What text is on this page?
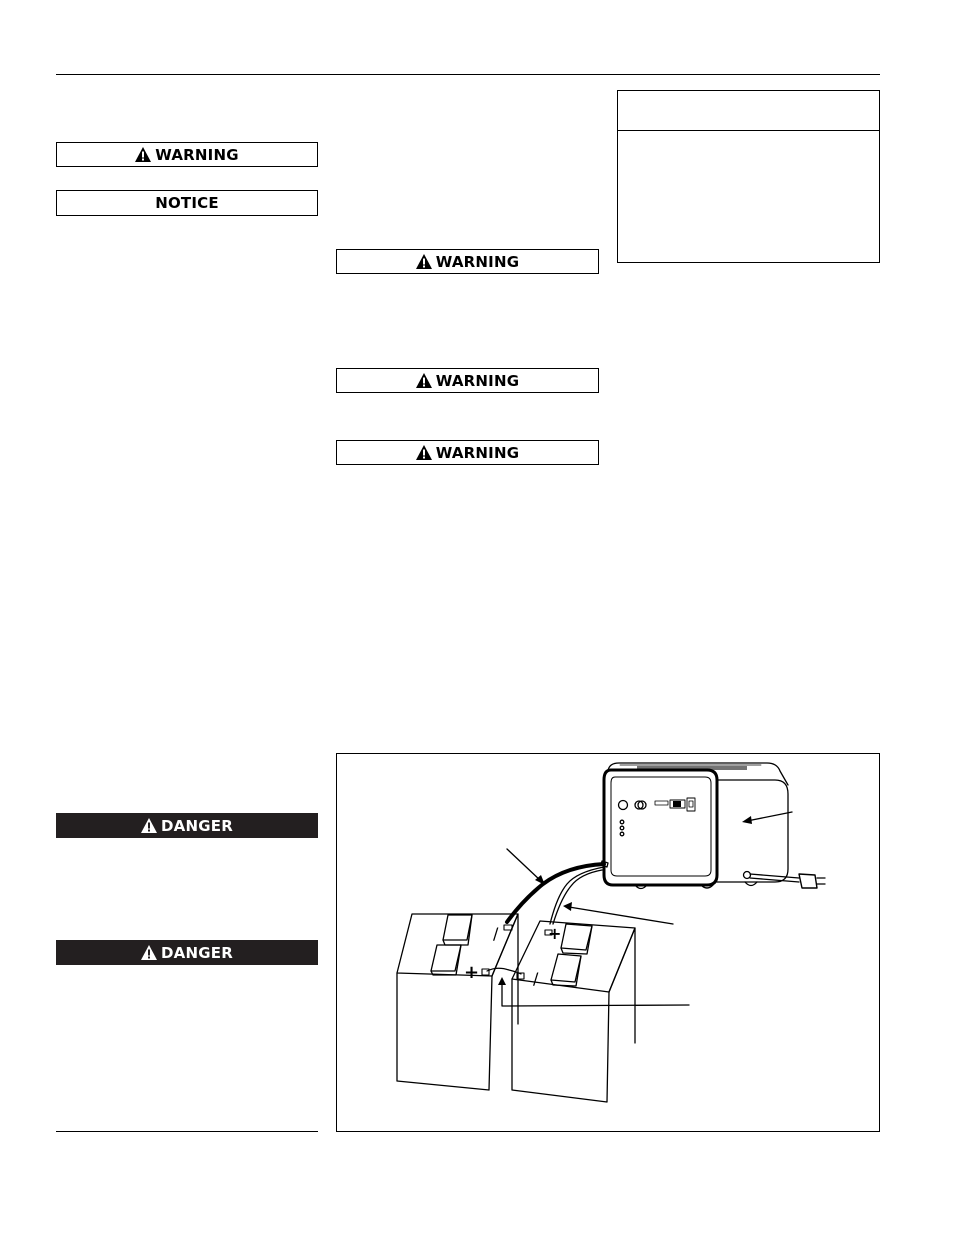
WARNING
NOTICE
DANGER
DANGER
WARNING
WARNING
WARNING
/
+
+
/
